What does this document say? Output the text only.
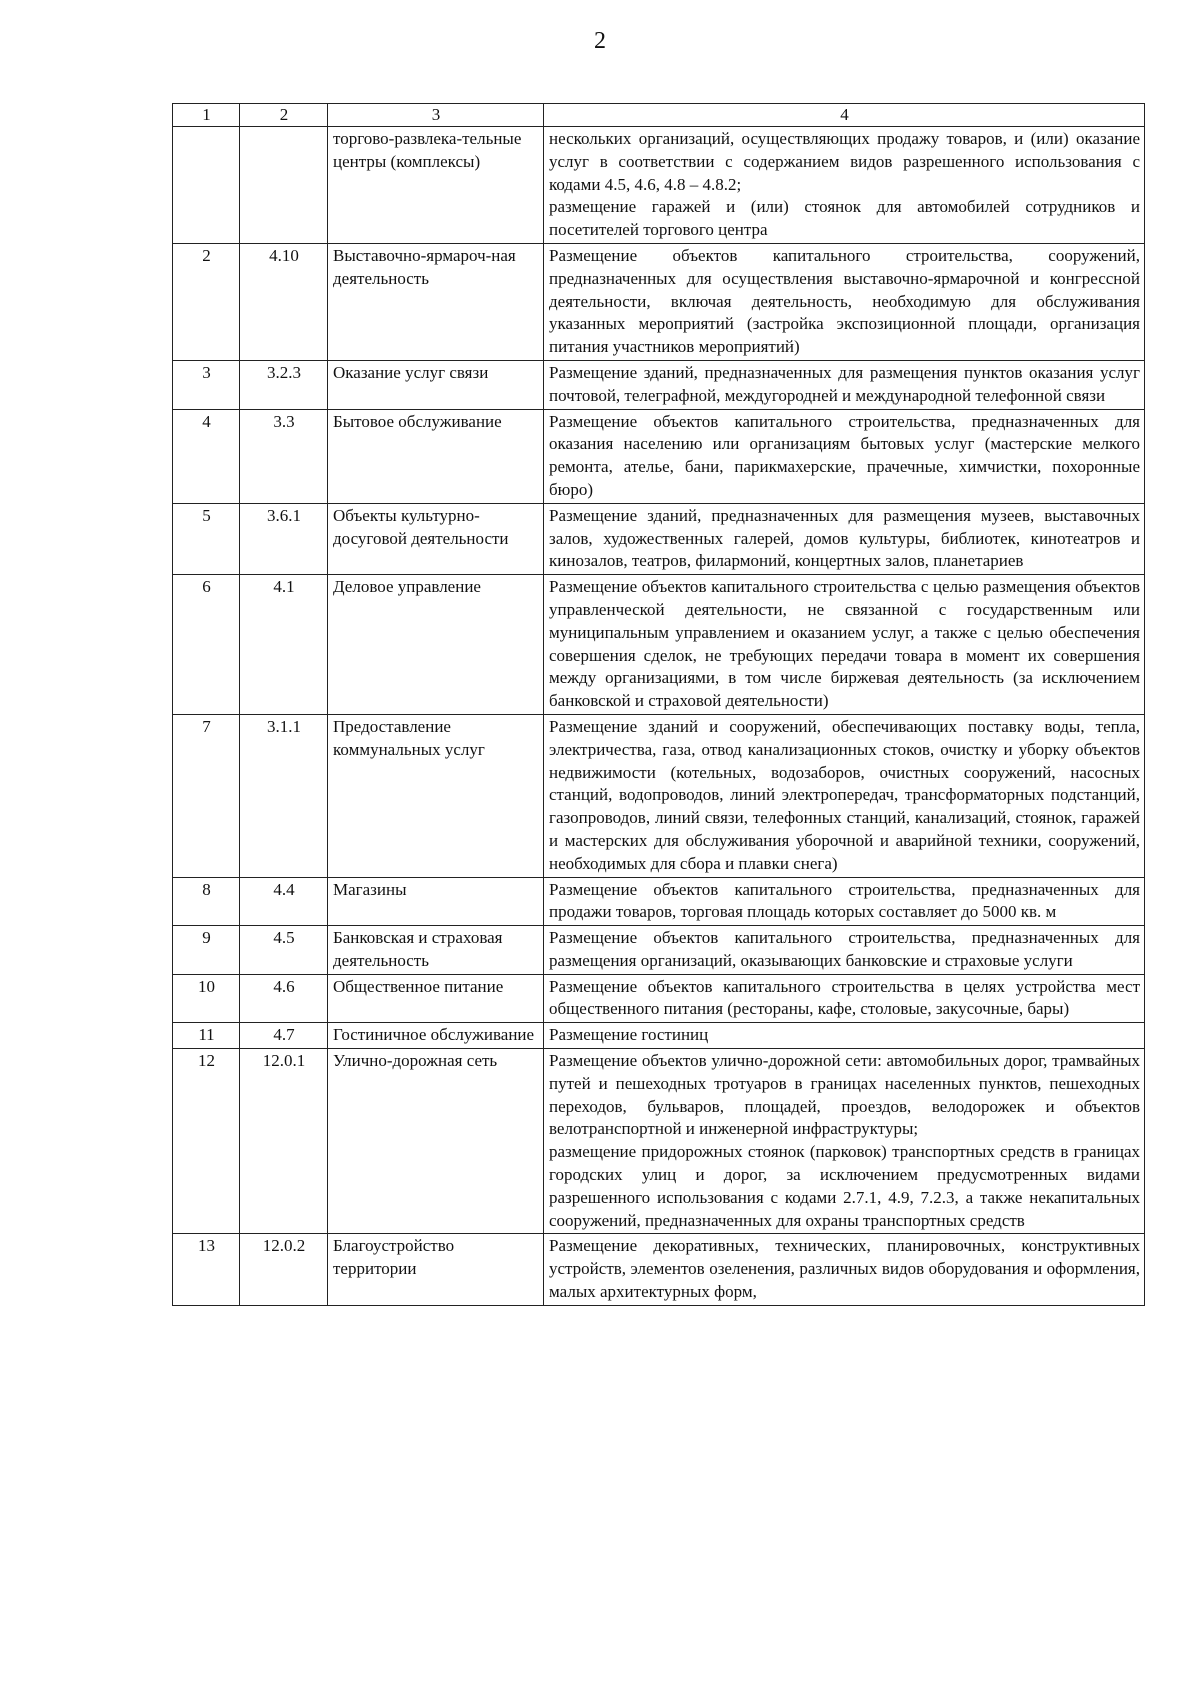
2
1	2	3	4
		торгово-развлека-тельные центры (комплексы)	нескольких организаций, осуществляющих продажу товаров, и (или) оказание услуг в соответствии с содержанием видов разрешенного использования с кодами 4.5, 4.6, 4.8 – 4.8.2;
размещение гаражей и (или) стоянок для автомобилей сотрудников и посетителей торгового центра

2	4.10	Выставочно-ярмароч-ная деятельность	Размещение объектов капитального строительства, сооружений, предназначенных для осуществления выставочно-ярмарочной и конгрессной деятельности, включая деятельность, необходимую для обслуживания указанных мероприятий (застройка экспозиционной площади, организация питания участников мероприятий)

3	3.2.3	Оказание услуг связи	Размещение зданий, предназначенных для размещения пунктов оказания услуг почтовой, телеграфной, междугородней и международной телефонной связи

4	3.3	Бытовое обслуживание	Размещение объектов капитального строительства, предназначенных для оказания населению или организациям бытовых услуг (мастерские мелкого ремонта, ателье, бани, парикмахерские, прачечные, химчистки, похоронные бюро)

5	3.6.1	Объекты культурно-досуговой деятельности	Размещение зданий, предназначенных для размещения музеев, выставочных залов, художественных галерей, домов культуры, библиотек, кинотеатров и кинозалов, театров, филармоний, концертных залов, планетариев

6	4.1	Деловое управление	Размещение объектов капитального строительства с целью размещения объектов управленческой деятельности, не связанной с государственным или муниципальным управлением и оказанием услуг, а также с целью обеспечения совершения сделок, не требующих передачи товара в момент их совершения между организациями, в том числе биржевая деятельность (за исключением банковской и страховой деятельности)

7	3.1.1	Предоставление коммунальных услуг	Размещение зданий и сооружений, обеспечивающих поставку воды, тепла, электричества, газа, отвод канализационных стоков, очистку и уборку объектов недвижимости (котельных, водозаборов, очистных сооружений, насосных станций, водопроводов, линий электропередач, трансформаторных подстанций, газопроводов, линий связи, телефонных станций, канализаций, стоянок, гаражей и мастерских для обслуживания уборочной и аварийной техники, сооружений, необходимых для сбора и плавки снега)

8	4.4	Магазины	Размещение объектов капитального строительства, предназначенных для продажи товаров, торговая площадь которых составляет до 5000 кв. м

9	4.5	Банковская и страховая деятельность	Размещение объектов капитального строительства, предназначенных для размещения организаций, оказывающих банковские и страховые услуги

10	4.6	Общественное питание	Размещение объектов капитального строительства в целях устройства мест общественного питания (рестораны, кафе, столовые, закусочные, бары)

11	4.7	Гостиничное обслуживание	Размещение гостиниц

12	12.0.1	Улично-дорожная сеть	Размещение объектов улично-дорожной сети: автомобильных дорог, трамвайных путей и пешеходных тротуаров в границах населенных пунктов, пешеходных переходов, бульваров, площадей, проездов, велодорожек и объектов велотранспортной и инженерной инфраструктуры;
размещение придорожных стоянок (парковок) транспортных средств в границах городских улиц и дорог, за исключением предусмотренных видами разрешенного использования с кодами 2.7.1, 4.9, 7.2.3, а также некапитальных сооружений, предназначенных для охраны транспортных средств

13	12.0.2	Благоустройство территории	Размещение декоративных, технических, планировочных, конструктивных устройств, элементов озеленения, различных видов оборудования и оформления, малых архитектурных форм,
